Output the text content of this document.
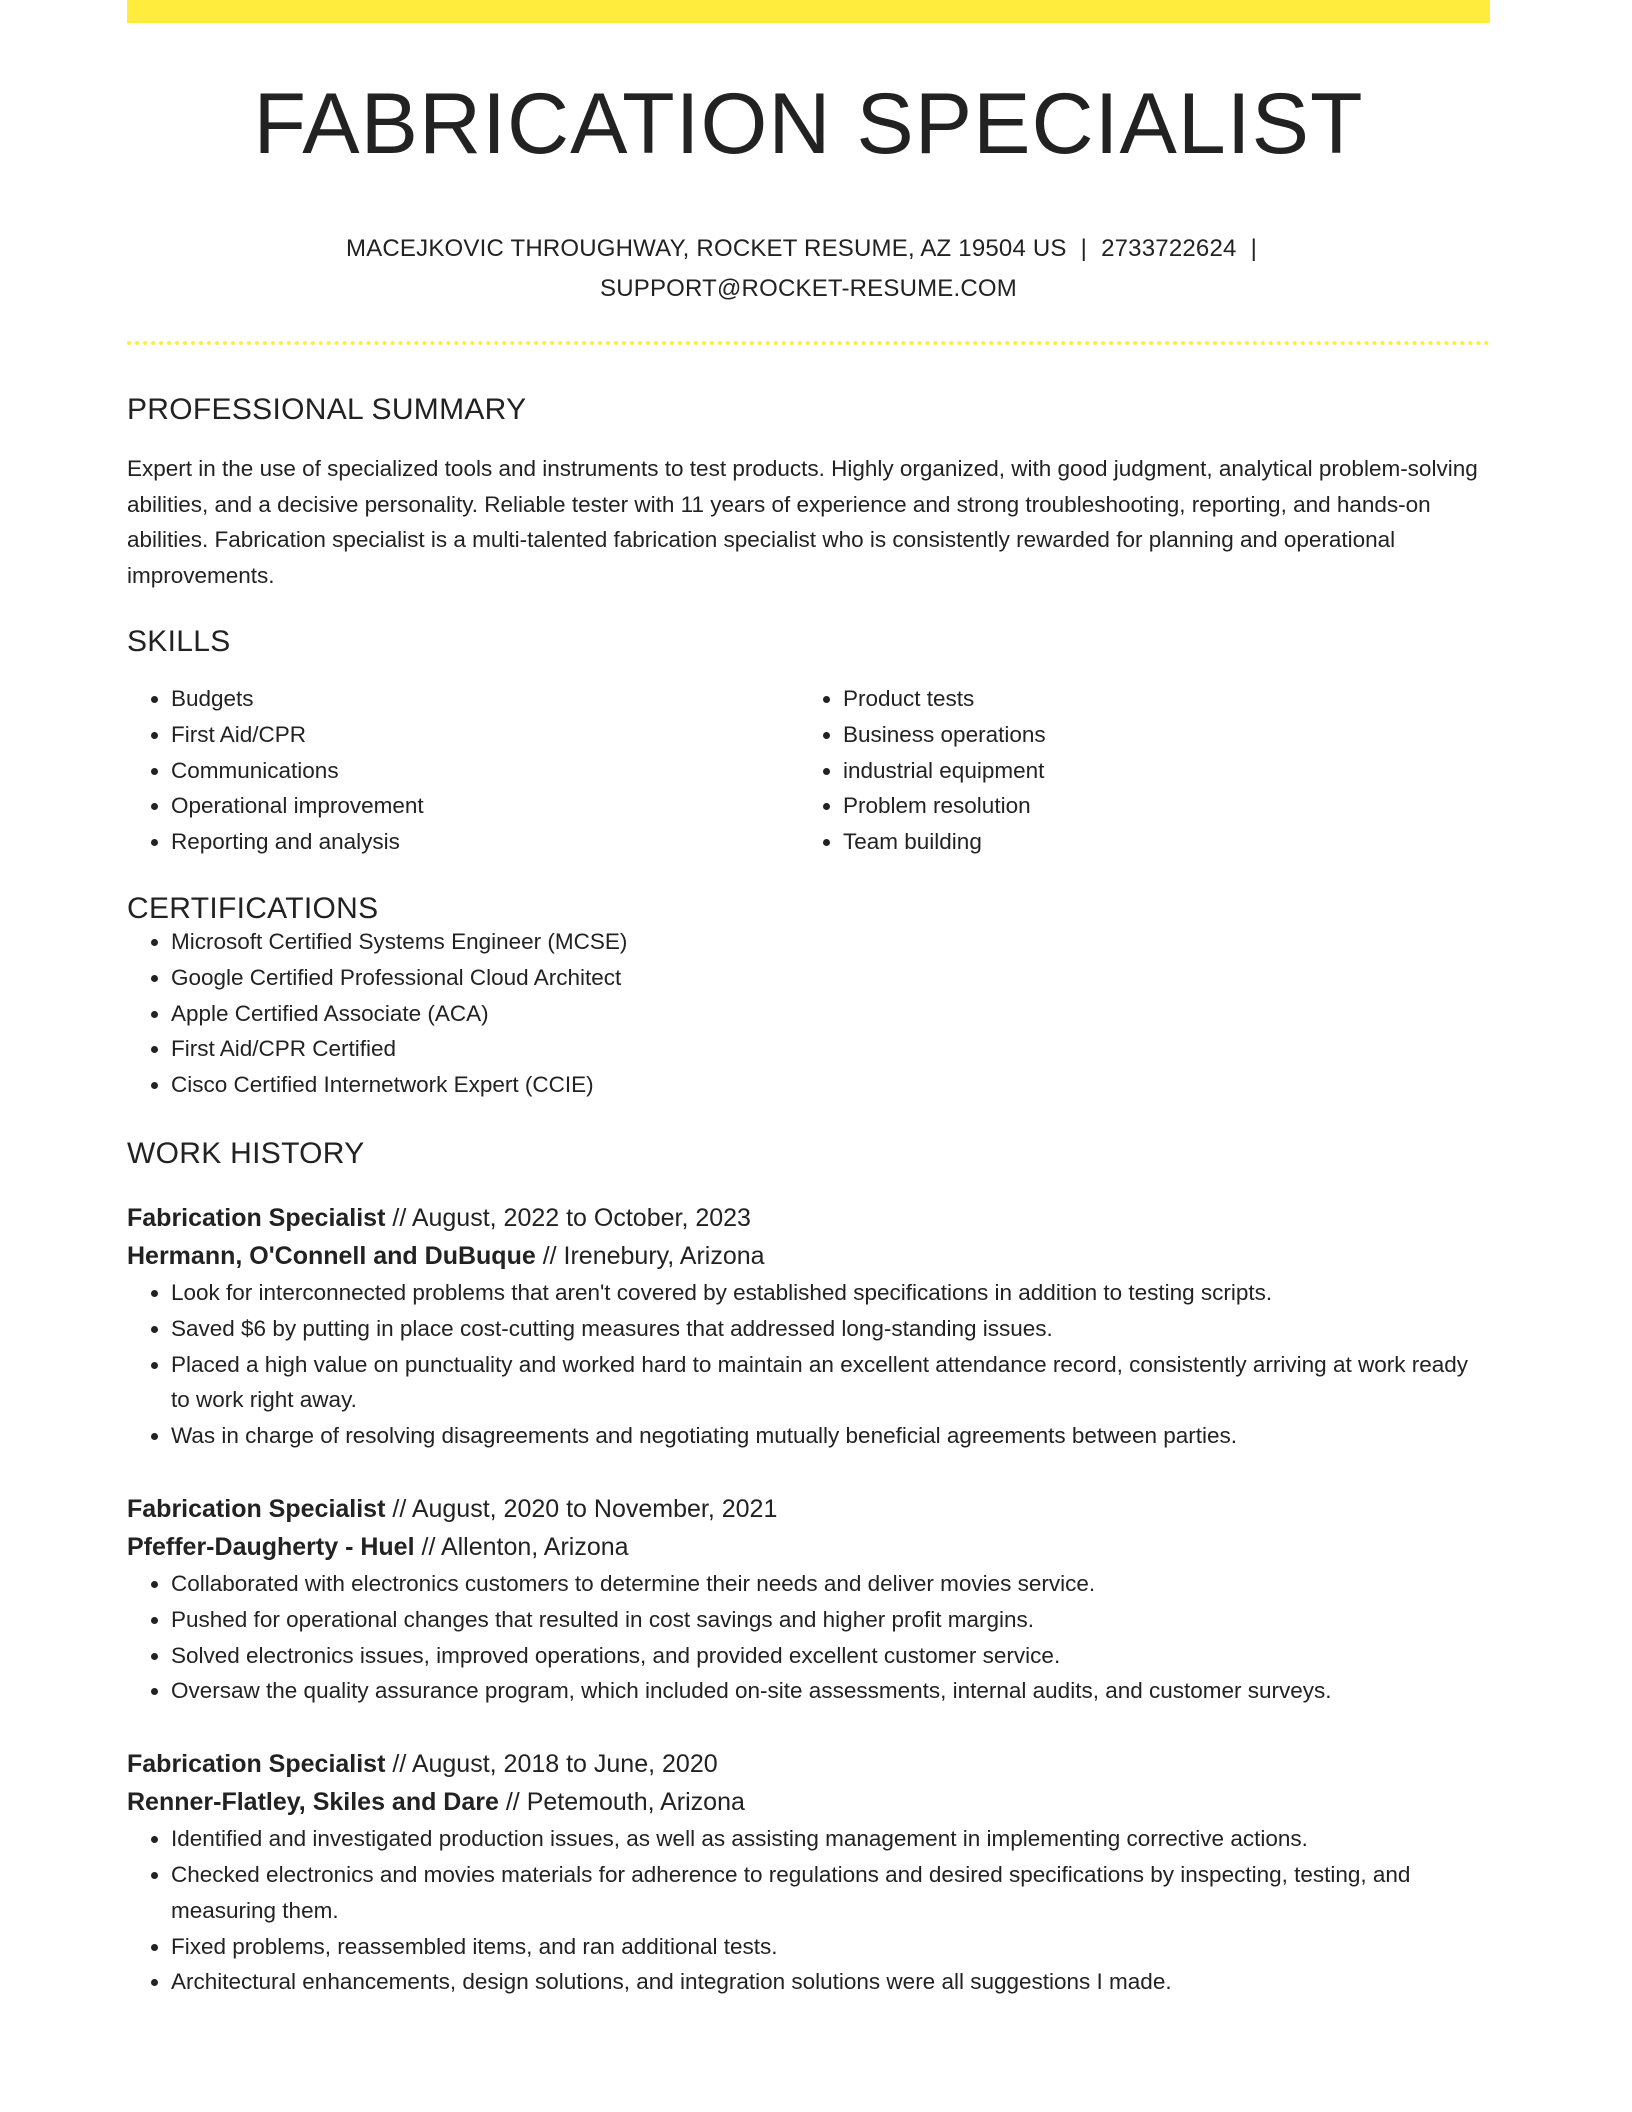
FABRICATION SPECIALIST
MACEJKOVIC THROUGHWAY, ROCKET RESUME, AZ 19504 US | 2733722624 |
SUPPORT@ROCKET-RESUME.COM
PROFESSIONAL SUMMARY

Expert in the use of specialized tools and instruments to test products. Highly organized, with good judgment, analytical problem-solving abilities, and a decisive personality. Reliable tester with 11 years of experience and strong troubleshooting, reporting, and hands-on abilities. Fabrication specialist is a multi-talented fabrication specialist who is consistently rewarded for planning and operational improvements.

SKILLS
• Budgets
• First Aid/CPR
• Communications
• Operational improvement
• Reporting and analysis
• Product tests
• Business operations
• industrial equipment
• Problem resolution
• Team building
CERTIFICATIONS
• Microsoft Certified Systems Engineer (MCSE)
• Google Certified Professional Cloud Architect
• Apple Certified Associate (ACA)
• First Aid/CPR Certified
• Cisco Certified Internetwork Expert (CCIE)
WORK HISTORY
Fabrication Specialist // August, 2022 to October, 2023
Hermann, O'Connell and DuBuque // Irenebury, Arizona
• Look for interconnected problems that aren't covered by established specifications in addition to testing scripts.
• Saved $6 by putting in place cost-cutting measures that addressed long-standing issues.
• Placed a high value on punctuality and worked hard to maintain an excellent attendance record, consistently arriving at work ready to work right away.
• Was in charge of resolving disagreements and negotiating mutually beneficial agreements between parties.
Fabrication Specialist // August, 2020 to November, 2021
Pfeffer-Daugherty - Huel // Allenton, Arizona
• Collaborated with electronics customers to determine their needs and deliver movies service.
• Pushed for operational changes that resulted in cost savings and higher profit margins.
• Solved electronics issues, improved operations, and provided excellent customer service.
• Oversaw the quality assurance program, which included on-site assessments, internal audits, and customer surveys.
Fabrication Specialist // August, 2018 to June, 2020
Renner-Flatley, Skiles and Dare // Petemouth, Arizona
• Identified and investigated production issues, as well as assisting management in implementing corrective actions.
• Checked electronics and movies materials for adherence to regulations and desired specifications by inspecting, testing, and measuring them.
• Fixed problems, reassembled items, and ran additional tests.
• Architectural enhancements, design solutions, and integration solutions were all suggestions I made.
